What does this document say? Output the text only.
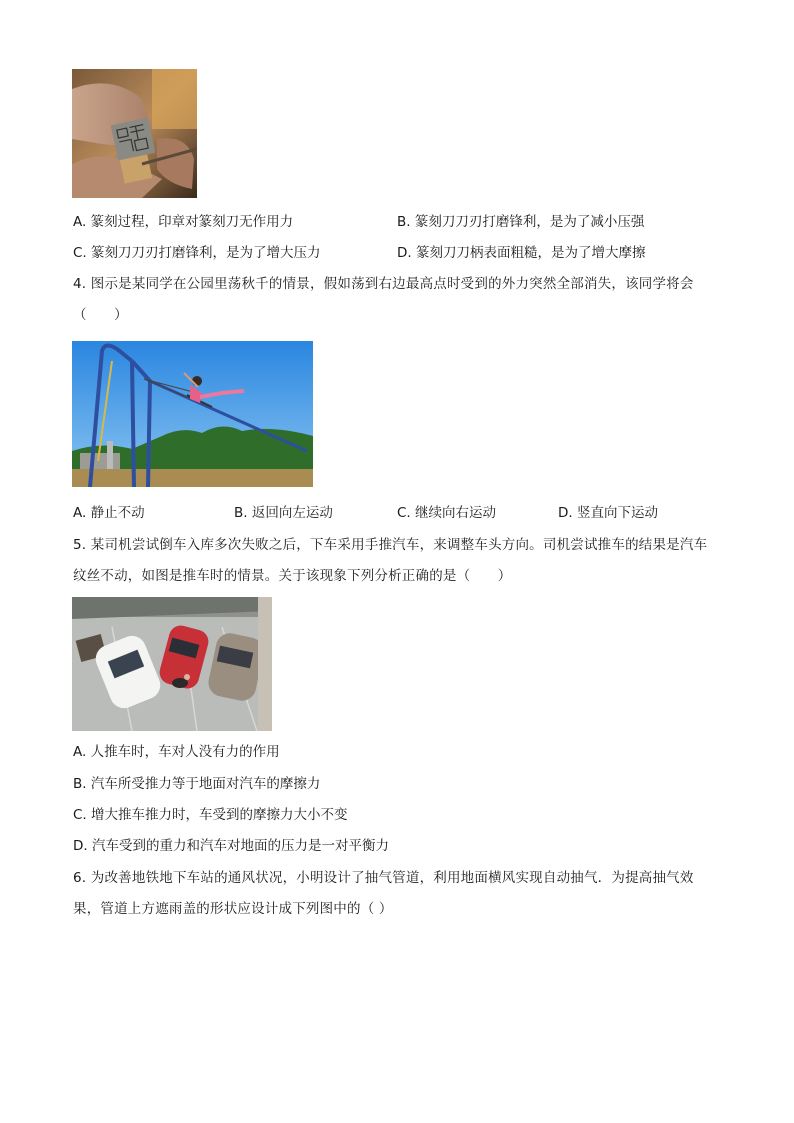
A. 篆刻过程，印章对篆刻刀无作用力	B. 篆刻刀刀刃打磨锋利，是为了减小压强
C. 篆刻刀刀刃打磨锋利，是为了增大压力	D. 篆刻刀刀柄表面粗糙，是为了增大摩擦
4. 图示是某同学在公园里荡秋千的情景，假如荡到右边最高点时受到的外力突然全部消失，该同学将会
（　　）
A. 静止不动	B. 返回向左运动	C. 继续向右运动	D. 竖直向下运动
5. 某司机尝试倒车入库多次失败之后，下车采用手推汽车，来调整车头方向。司机尝试推车的结果是汽车
纹丝不动，如图是推车时的情景。关于该现象下列分析正确的是（　　）
A. 人推车时，车对人没有力的作用
B. 汽车所受推力等于地面对汽车的摩擦力
C. 增大推车推力时，车受到的摩擦力大小不变
D. 汽车受到的重力和汽车对地面的压力是一对平衡力
6. 为改善地铁地下车站的通风状况，小明设计了抽气管道，利用地面横风实现自动抽气．为提高抽气效
果，管道上方遮雨盖的形状应设计成下列图中的（ ）
